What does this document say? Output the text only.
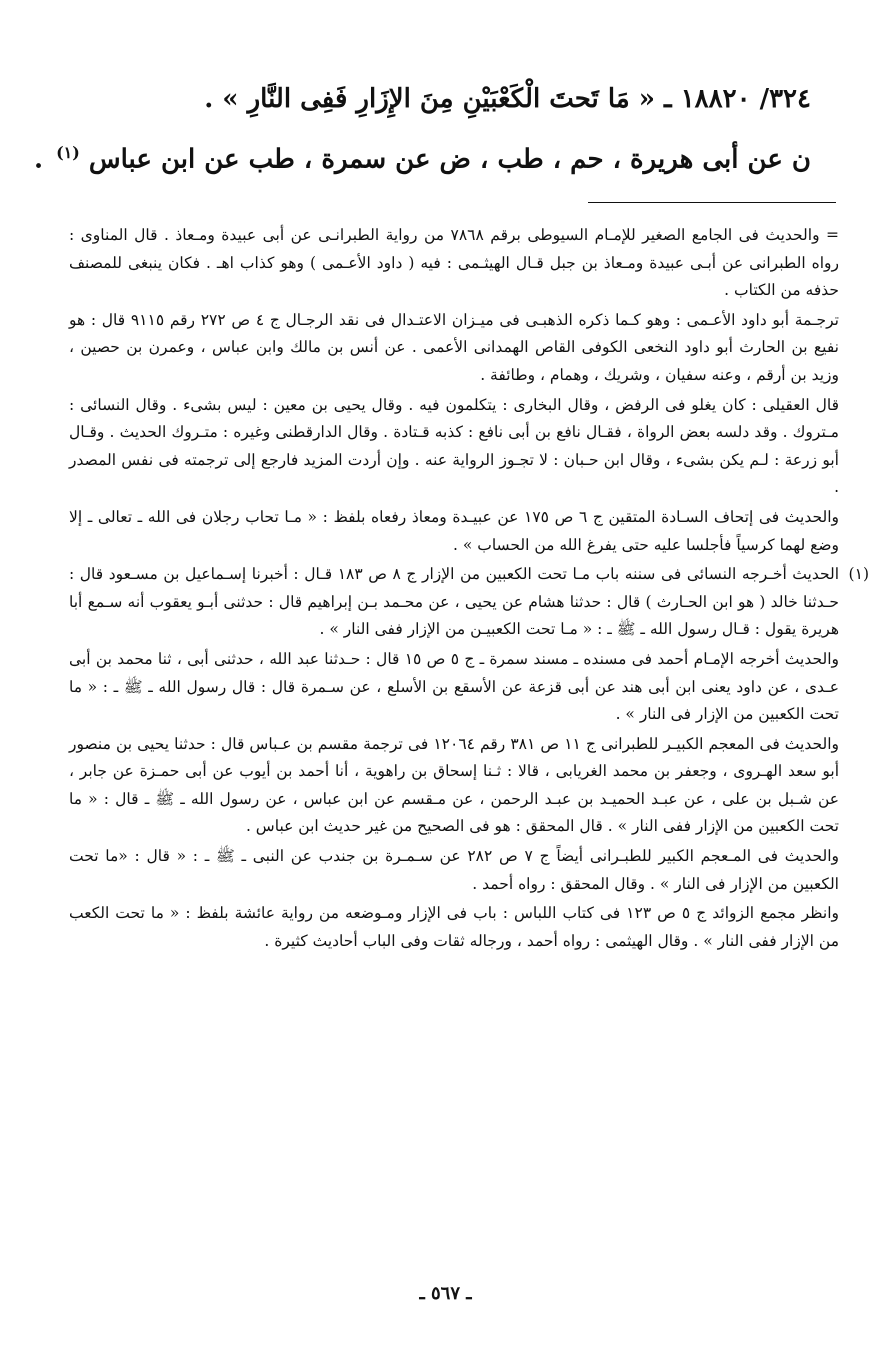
٣٢٤/ ١٨٨٢٠ ـ « مَا تَحتَ الْكَعْبَيْنِ مِنَ الإِزَارِ فَفِى النَّارِ » .
ن عن أبى هريرة ، حم ، طب ، ض عن سمرة ، طب عن ابن عباس $^{(١)}$ .

= والحديث فى الجامع الصغير للإمـام السيوطى برقم ٧٨٦٨ من رواية الطبرانـى عن أبى عبيدة ومـعاذ . قال المناوى : رواه الطبرانى عن أبـى عبيدة ومـعاذ بن جبل قـال الهيثـمى : فيه ( داود الأعـمى ) وهو كذاب اهـ . فكان ينبغى للمصنف حذفه من الكتاب .

ترجـمة أبو داود الأعـمى : وهو كـما ذكره الذهبـى فى ميـزان الاعتـدال فى نقد الرجـال ج ٤ ص ٢٧٢ رقم ٩١١٥ قال : هو نفيع بن الحارث أبو داود النخعى الكوفى القاص الهمدانى الأعمى . عن أنس بن مالك وابن عباس ، وعمرن بن حصين ، وزيد بن أرقم ، وعنه سفيان ، وشريك ، وهمام ، وطائفة .

قال العقيلى : كان يغلو فى الرفض ، وقال البخارى : يتكلمون فيه . وقال يحيى بن معين : ليس بشىء . وقال النسائى : مـتروك . وقد دلسه بعض الرواة ، فقـال نافع بن أبى نافع : كذبه قـتادة . وقال الدارقطنى وغيره : متـروك الحديث . وقـال أبو زرعة : لـم يكن بشىء ، وقال ابن حـبان : لا تجـوز الرواية عنه . وإن أردت المزيد فارجع إلى ترجمته فى نفس المصدر .

والحديث فى إتحاف السـادة المتقين ج ٦ ص ١٧٥ عن عبيـدة ومعاذ رفعاه بلفظ : « مـا تحاب رجلان فى الله ـ تعالى ـ إلا وضع لهما كرسياً فأجلسا عليه حتى يفرغ الله من الحساب » .

(١)

الحديث أخـرجه النسائى فى سننه باب مـا تحت الكعبين من الإزار ج ٨ ص ١٨٣ قـال : أخبرنا إسـماعيل بن مسـعود قال : حـدثنا خالد ( هو ابن الحـارث ) قال : حدثنا هشام عن يحيى ، عن محـمد بـن إبراهيم قال : حدثنى أبـو يعقوب أنه سـمع أبا هريرة يقول : قـال رسول الله ـ ﷺ ـ : « مـا تحت الكعبيـن من الإزار ففى النار » .

والحديث أخرجه الإمـام أحمد فى مسنده ـ مسند سمرة ـ ج ٥ ص ١٥ قال : حـدثنا عبد الله ، حدثنى أبى ، ثنا محمد بن أبى عـدى ، عن داود يعنى ابن أبى هند عن أبى قزعة عن الأسقع بن الأسلع ، عن سـمرة قال : قال رسول الله ـ ﷺ ـ : « ما تحت الكعبين من الإزار فى النار » .

والحديث فى المعجم الكبيـر للطبرانى ج ١١ ص ٣٨١ رقم ١٢٠٦٤ فى ترجمة مقسم بن عـباس قال : حدثنا يحيى بن منصور أبو سعد الهـروى ، وجعفر بن محمد الغريابى ، قالا : ثـنا إسحاق بن راهوية ، أنا أحمد بن أيوب عن أبى حمـزة عن جابر ، عن شـبل بن على ، عن عبـد الحميـد بن عبـد الرحمن ، عن مـقسم عن ابن عباس ، عن رسول الله ـ ﷺ ـ قال : « ما تحت الكعبين من الإزار ففى النار » . قال المحقق : هو فى الصحيح من غير حديث ابن عباس .

والحديث فى المـعجم الكبير للطبـرانى أيضاً ج ٧ ص ٢٨٢ عن سـمـرة بن جندب عن النبى ـ ﷺ ـ : « قال : «ما تحت الكعبين من الإزار فى النار » . وقال المحقق : رواه أحمد .

وانظر مجمع الزوائد ج ٥ ص ١٢٣ فى كتاب اللباس : باب فى الإزار ومـوضعه من رواية عائشة بلفظ : « ما تحت الكعب من الإزار ففى النار » . وقال الهيثمى : رواه أحمد ، ورجاله ثقات وفى الباب أحاديث كثيرة .

ـ ٥٦٧ ـ
